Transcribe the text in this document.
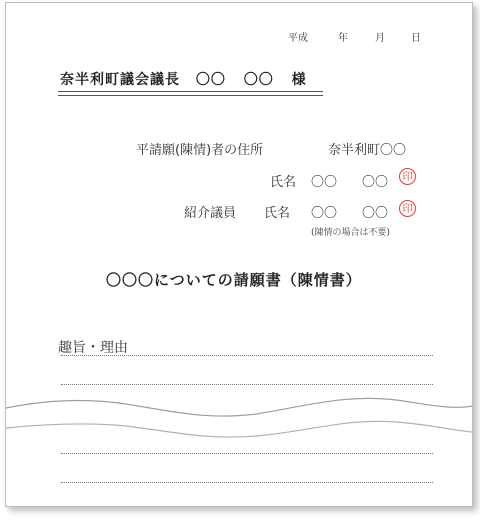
平成	年	月	日
奈半利町議会議長 〇〇 〇〇 様
平請願(陳情)者の住所	奈半利町〇〇
氏名 〇〇 〇〇	印
紹介議員 氏名 〇〇 〇〇	印
(陳情の場合は不要)
〇〇〇についての請願書（陳情書）
趣旨・理由
